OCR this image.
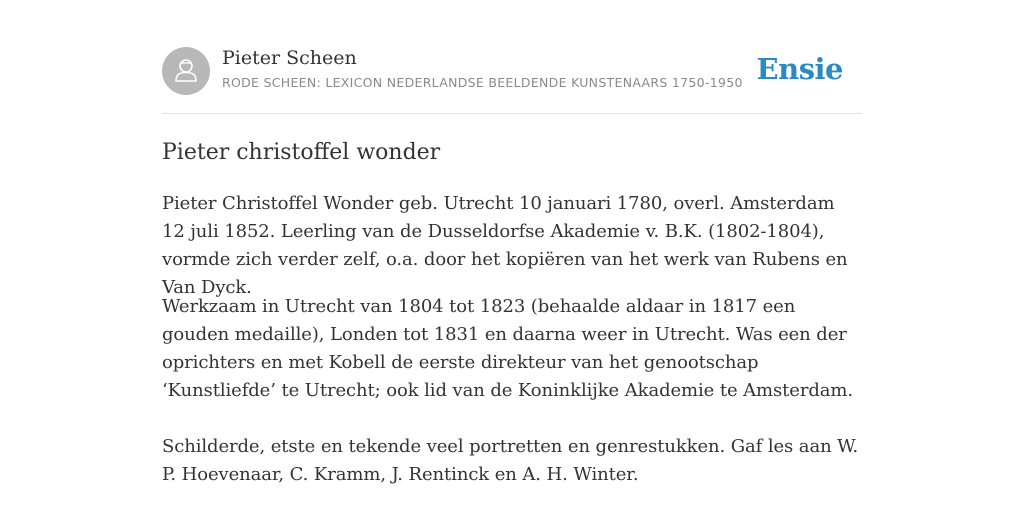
Pieter Scheen
RODE SCHEEN: LEXICON NEDERLANDSE BEELDENDE KUNSTENAARS 1750-1950 Ensie
Pieter christoffel wonder

Pieter Christoffel Wonder geb. Utrecht 10 januari 1780, overl. Amsterdam 12 juli 1852. Leerling van de Dusseldorfse Akademie v. B.K. (1802-1804), vormde zich verder zelf, o.a. door het kopiëren van het werk van Rubens en Van Dyck.

Werkzaam in Utrecht van 1804 tot 1823 (behaalde aldaar in 1817 een gouden medaille), Londen tot 1831 en daarna weer in Utrecht. Was een der oprichters en met Kobell de eerste direkteur van het genootschap ‘Kunstliefde’ te Utrecht; ook lid van de Koninklijke Akademie te Amsterdam.

Schilderde, etste en tekende veel portretten en genrestukken. Gaf les aan W. P. Hoevenaar, C. Kramm, J. Rentinck en A. H. Winter.
